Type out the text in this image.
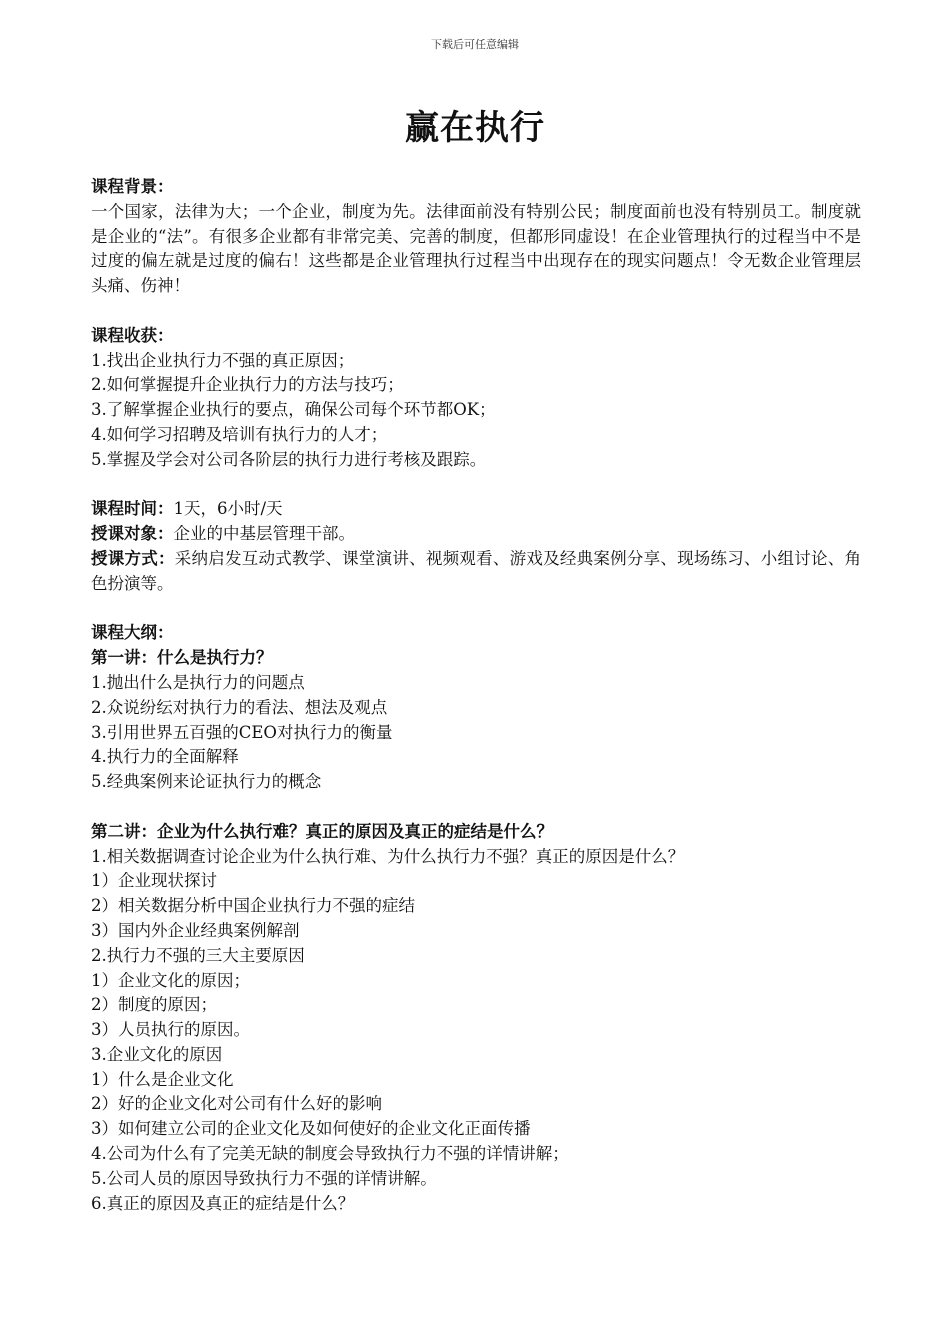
下载后可任意编辑
赢在执行

课程背景：

一个国家，法律为大；一个企业，制度为先。法律面前没有特别公民；制度面前也没有特别员工。制度就是企业的“法”。有很多企业都有非常完美、完善的制度，但都形同虚设！在企业管理执行的过程当中不是过度的偏左就是过度的偏右！这些都是企业管理执行过程当中出现存在的现实问题点！令无数企业管理层头痛、伤神！

课程收获：

1.找出企业执行力不强的真正原因；

2.如何掌握提升企业执行力的方法与技巧；

3.了解掌握企业执行的要点，确保公司每个环节都OK；

4.如何学习招聘及培训有执行力的人才；

5.掌握及学会对公司各阶层的执行力进行考核及跟踪。

课程时间：1天，6小时/天

授课对象：企业的中基层管理干部。

授课方式：采纳启发互动式教学、课堂演讲、视频观看、游戏及经典案例分享、现场练习、小组讨论、角色扮演等。

课程大纲：

第一讲：什么是执行力？

1.抛出什么是执行力的问题点

2.众说纷纭对执行力的看法、想法及观点

3.引用世界五百强的CEO对执行力的衡量

4.执行力的全面解释

5.经典案例来论证执行力的概念

第二讲：企业为什么执行难？真正的原因及真正的症结是什么？

1.相关数据调查讨论企业为什么执行难、为什么执行力不强？真正的原因是什么？

1）企业现状探讨

2）相关数据分析中国企业执行力不强的症结

3）国内外企业经典案例解剖

2.执行力不强的三大主要原因

1）企业文化的原因；

2）制度的原因；

3）人员执行的原因。

3.企业文化的原因

1）什么是企业文化

2）好的企业文化对公司有什么好的影响

3）如何建立公司的企业文化及如何使好的企业文化正面传播

4.公司为什么有了完美无缺的制度会导致执行力不强的详情讲解；

5.公司人员的原因导致执行力不强的详情讲解。

6.真正的原因及真正的症结是什么？
